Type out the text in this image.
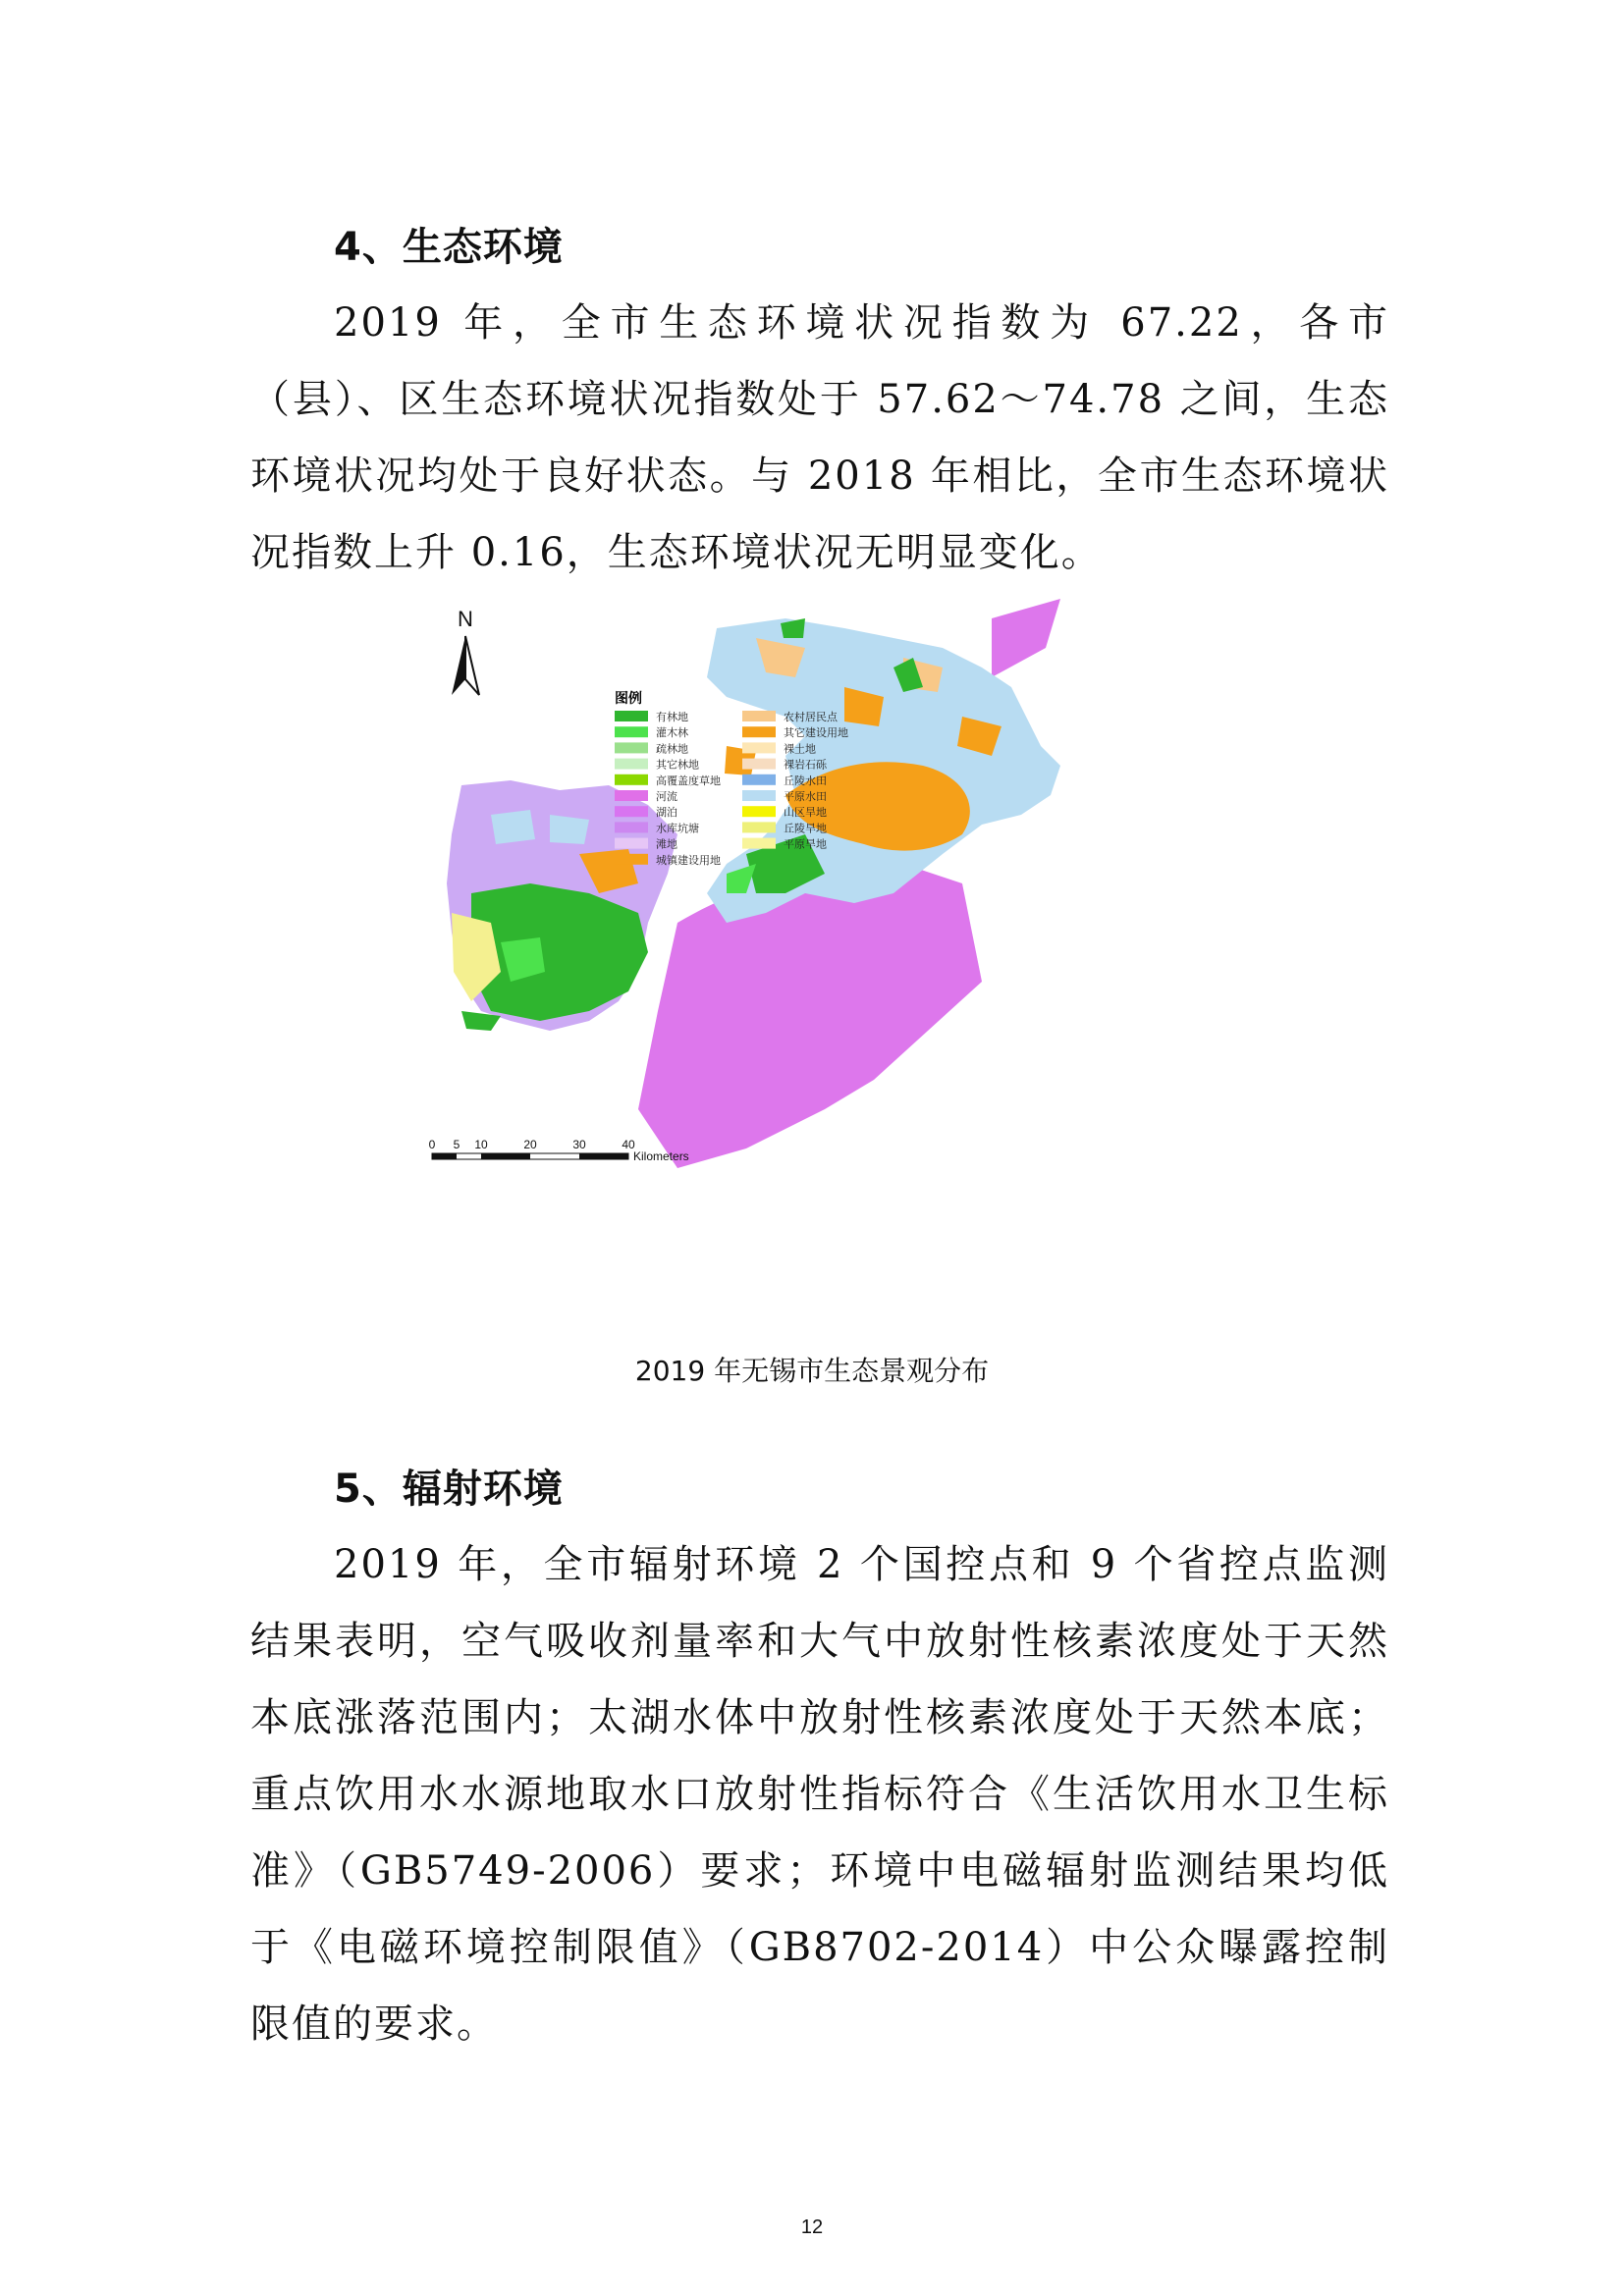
4、生态环境
2019 年，全市生态环境状况指数为 67.22，各市（县）、区生态环境状况指数处于 57.62～74.78 之间，生态环境状况均处于良好状态。与 2018 年相比，全市生态环境状况指数上升 0.16，生态环境状况无明显变化。
N
图例
有林地
灌木林
疏林地
其它林地
高覆盖度草地
河流
湖泊
水库坑塘
滩地
城镇建设用地
农村居民点
其它建设用地
裸土地
裸岩石砾
丘陵水田
平原水田
山区旱地
丘陵旱地
平原旱地
0 5 10	20	30	40
Kilometers
2019 年无锡市生态景观分布
5、辐射环境
2019 年，全市辐射环境 2 个国控点和 9 个省控点监测结果表明，空气吸收剂量率和大气中放射性核素浓度处于天然本底涨落范围内；太湖水体中放射性核素浓度处于天然本底；重点饮用水水源地取水口放射性指标符合《生活饮用水卫生标准》（GB5749-2006）要求；环境中电磁辐射监测结果均低于《电磁环境控制限值》（GB8702-2014）中公众曝露控制限值的要求。
12
